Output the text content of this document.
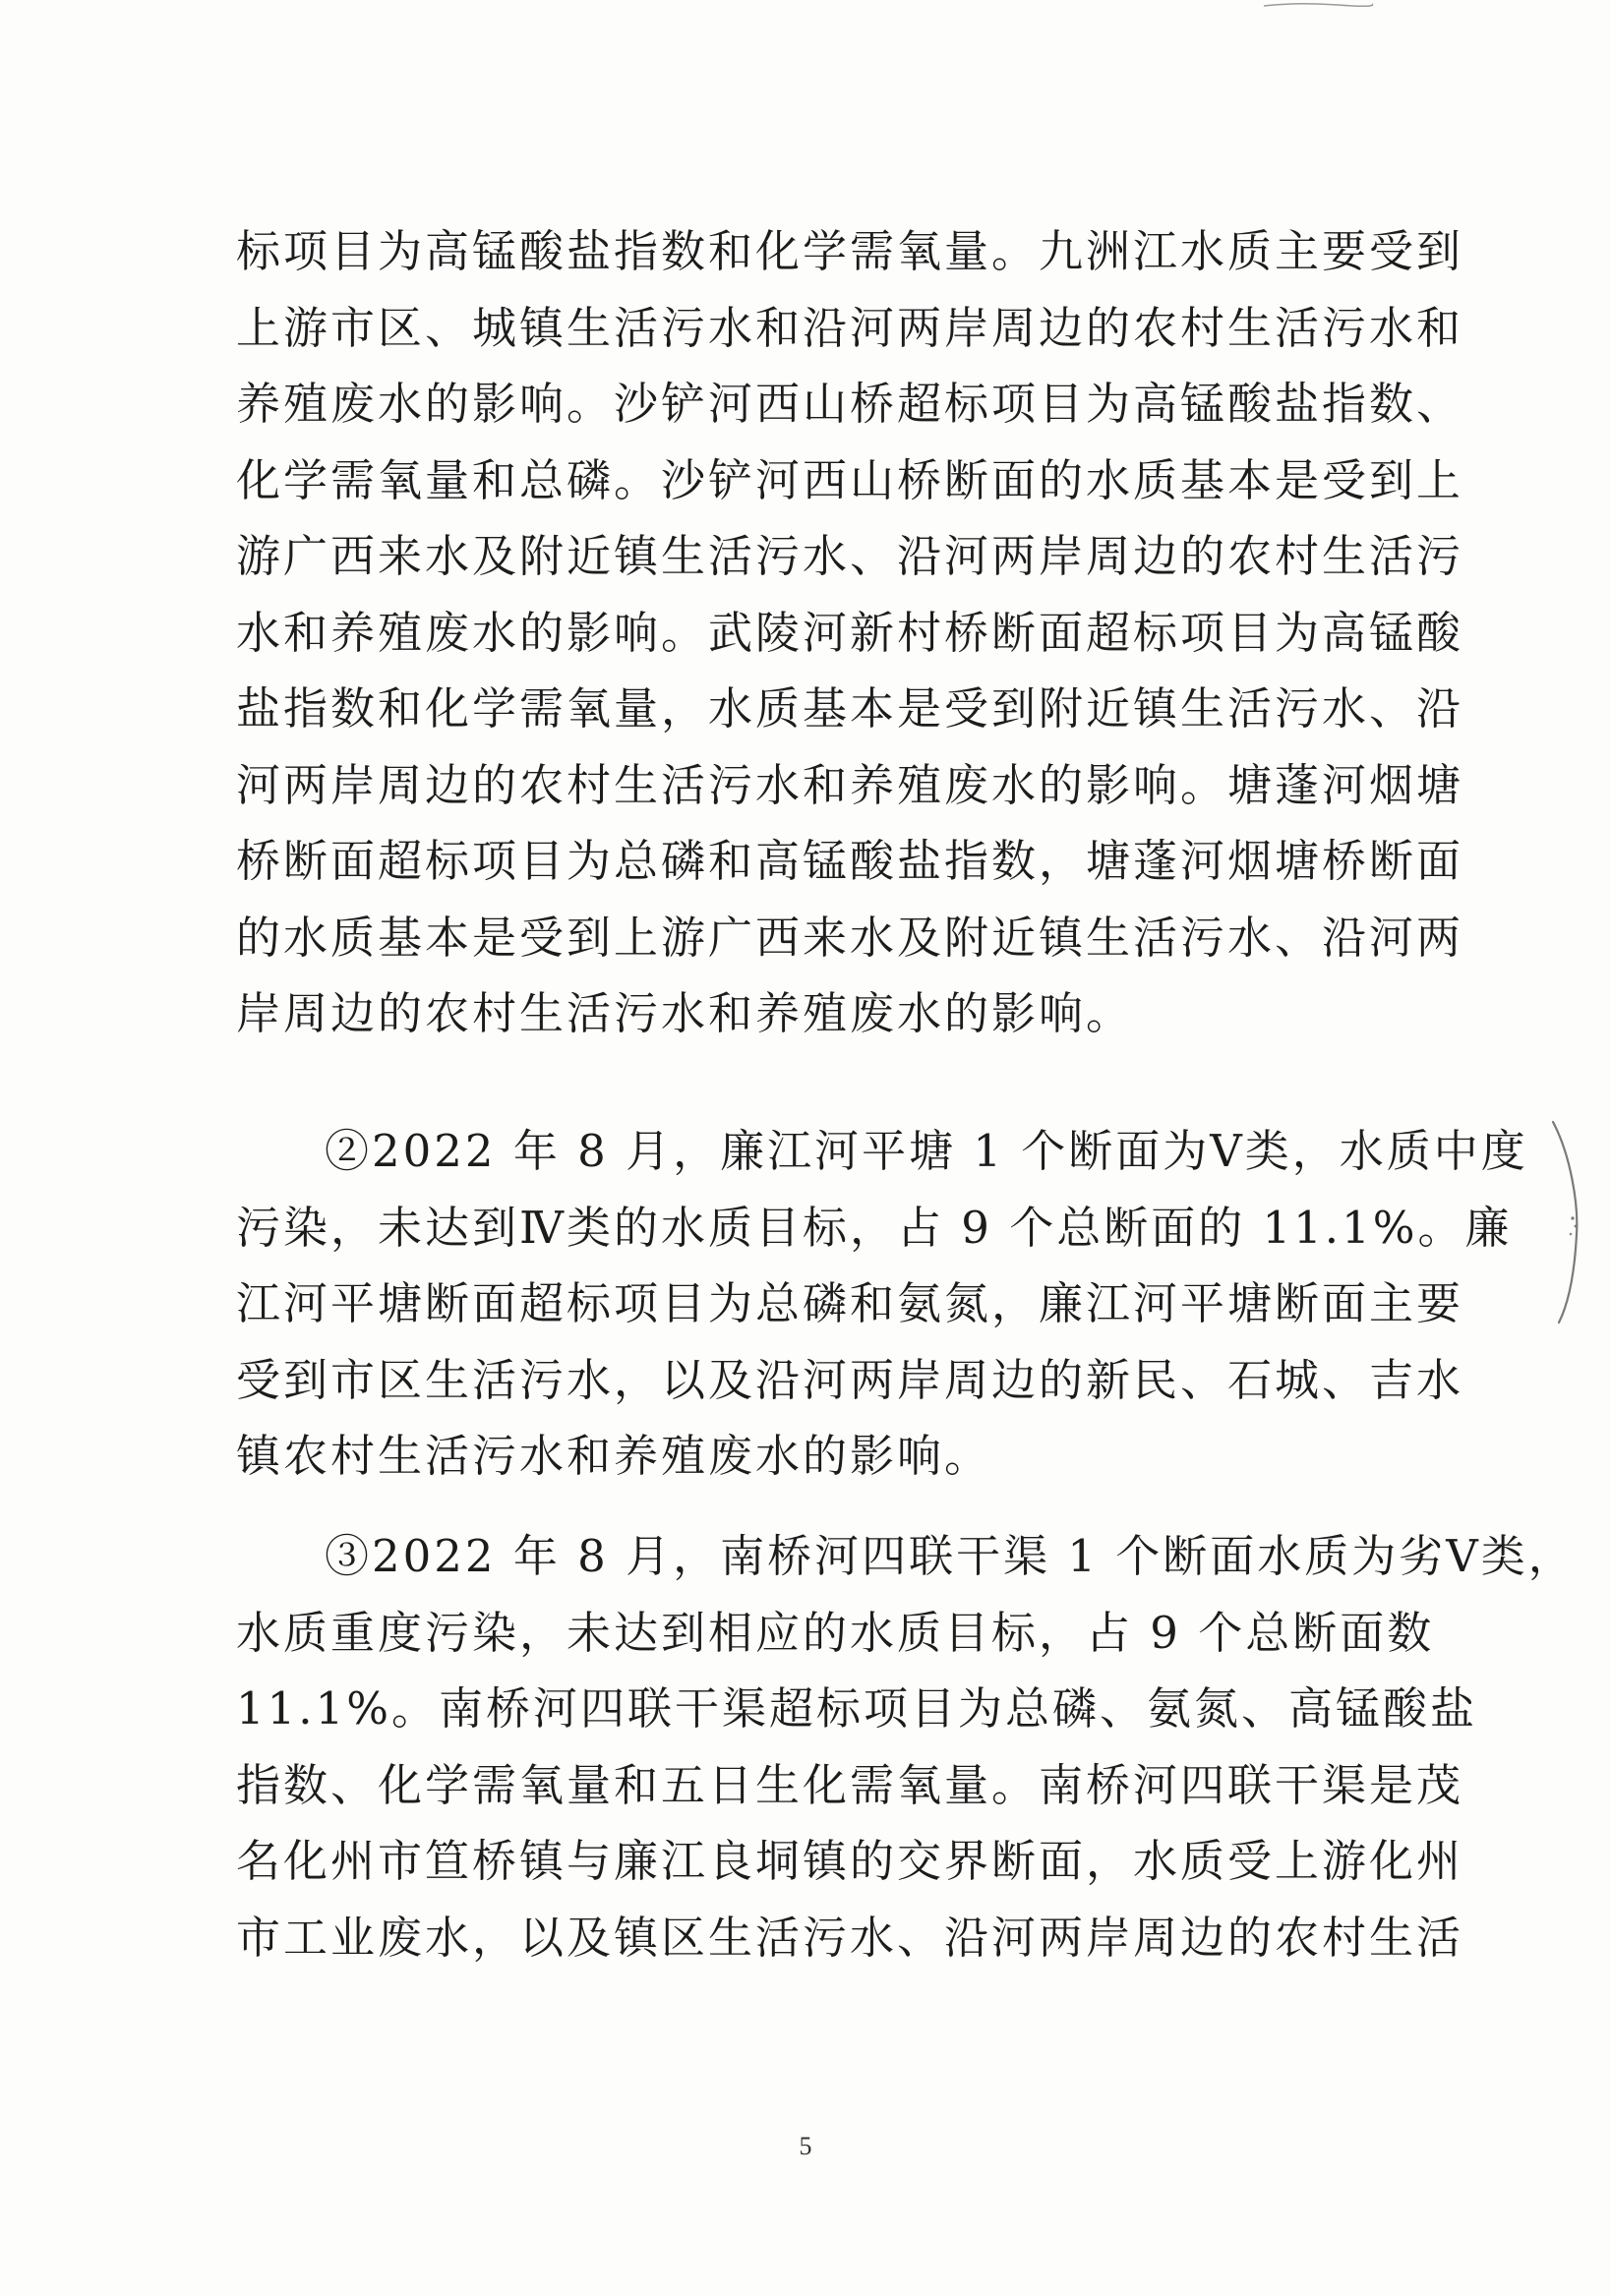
标项目为高锰酸盐指数和化学需氧量。九洲江水质主要受到
上游市区、城镇生活污水和沿河两岸周边的农村生活污水和
养殖废水的影响。沙铲河西山桥超标项目为高锰酸盐指数、
化学需氧量和总磷。沙铲河西山桥断面的水质基本是受到上
游广西来水及附近镇生活污水、沿河两岸周边的农村生活污
水和养殖废水的影响。武陵河新村桥断面超标项目为高锰酸
盐指数和化学需氧量，水质基本是受到附近镇生活污水、沿
河两岸周边的农村生活污水和养殖废水的影响。塘蓬河烟塘
桥断面超标项目为总磷和高锰酸盐指数，塘蓬河烟塘桥断面
的水质基本是受到上游广西来水及附近镇生活污水、沿河两
岸周边的农村生活污水和养殖废水的影响。
②2022 年 8 月，廉江河平塘 1 个断面为Ⅴ类，水质中度
污染，未达到Ⅳ类的水质目标，占 9 个总断面的 11.1%。廉
江河平塘断面超标项目为总磷和氨氮，廉江河平塘断面主要
受到市区生活污水，以及沿河两岸周边的新民、石城、吉水
镇农村生活污水和养殖废水的影响。
③2022 年 8 月，南桥河四联干渠 1 个断面水质为劣Ⅴ类，
水质重度污染，未达到相应的水质目标，占 9 个总断面数
11.1%。南桥河四联干渠超标项目为总磷、氨氮、高锰酸盐
指数、化学需氧量和五日生化需氧量。南桥河四联干渠是茂
名化州市笪桥镇与廉江良垌镇的交界断面，水质受上游化州
市工业废水，以及镇区生活污水、沿河两岸周边的农村生活
5
